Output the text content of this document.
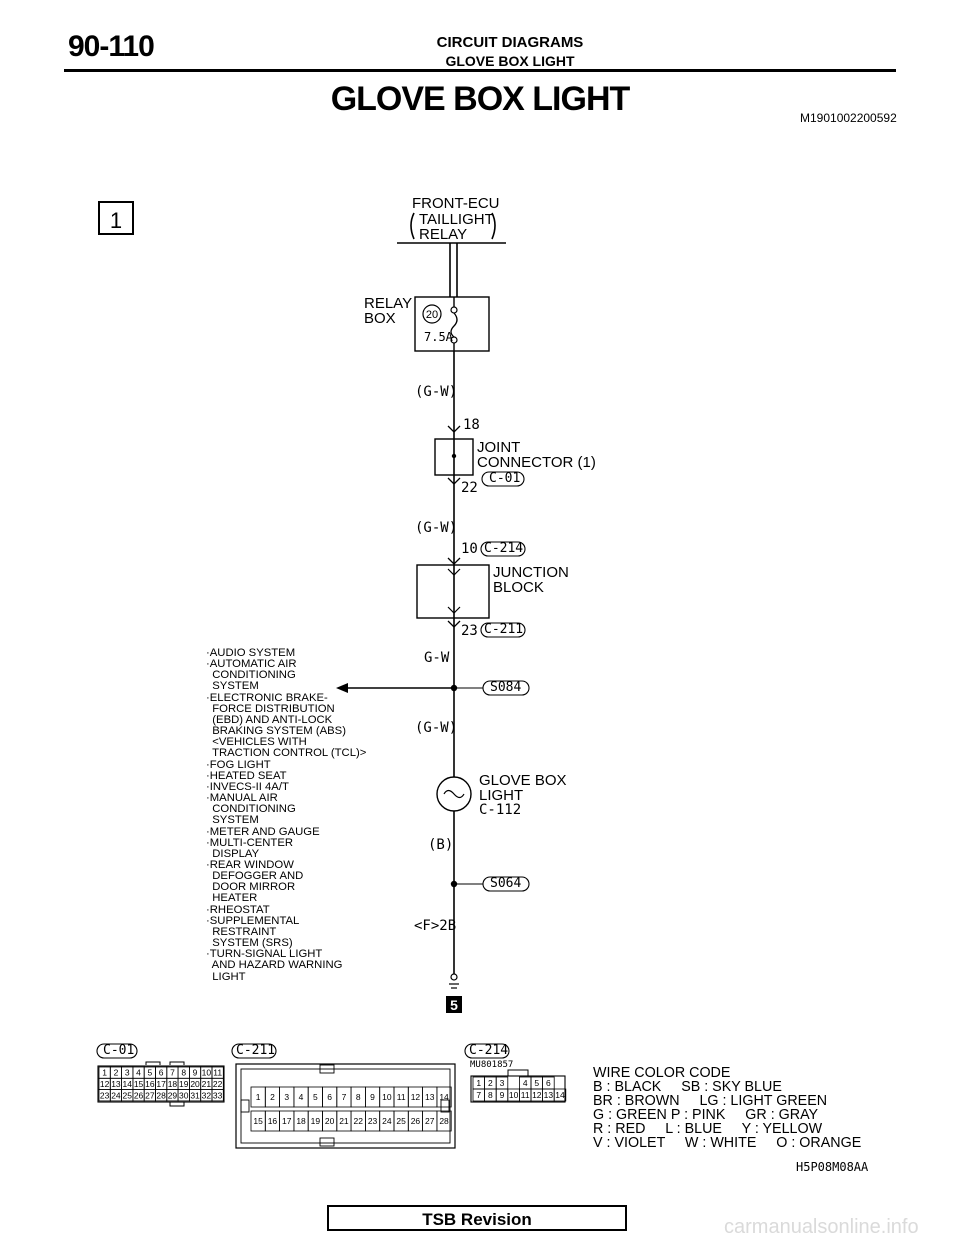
90-110	CIRCUIT DIAGRAMS
GLOVE BOX LIGHT
GLOVE BOX LIGHT	M1901002200592
1
20
5
1 2 3 4 5 6 7 8 9 10 11
12 13 14 15 16 17 18 19 20 21 22
23 24 25 26 27 28 29 30 31 32 33	1 2 3 4 5 6 7 8 9 10 11 12 13 14
15 16 17 18 19 20 21 22 23 24 25 26 27 28
1 2 3 4 5 6
7 8 9 10 11 12 13 14
FRONT-ECU
TAILLIGHT
RELAY
RELAY
BOX
7.5A
(G-W)
18
JOINT
CONNECTOR (1)
22
C-01
(G-W)
10 C-214
JUNCTION
BLOCK
23 C-211
G-W
S084
(G-W)
GLOVE BOX
LIGHT
C-112
(B)
S064
<F>2B
·AUDIO SYSTEM
·AUTOMATIC AIR
CONDITIONING
SYSTEM
·ELECTRONIC BRAKE-
FORCE DISTRIBUTION
(EBD) AND ANTI-LOCK
BRAKING SYSTEM (ABS)
<VEHICLES WITH
TRACTION CONTROL (TCL)>
·FOG LIGHT
·HEATED SEAT
·INVECS-II 4A/T
·MANUAL AIR
CONDITIONING
SYSTEM
·METER AND GAUGE
·MULTI-CENTER
DISPLAY
·REAR WINDOW
DEFOGGER AND
DOOR MIRROR
HEATER
·RHEOSTAT
·SUPPLEMENTAL
RESTRAINT
SYSTEM (SRS)
·TURN-SIGNAL LIGHT
AND HAZARD WARNING
LIGHT
C-01	C-211	C-214
MU801857	WIRE COLOR CODE
B : BLACK     SB : SKY BLUE
BR : BROWN     LG : LIGHT GREEN
G : GREEN P : PINK     GR : GRAY
R : RED     L : BLUE     Y : YELLOW
V : VIOLET     W : WHITE     O : ORANGE
H5P08M08AA
TSB Revision	carmanualsonline.info
